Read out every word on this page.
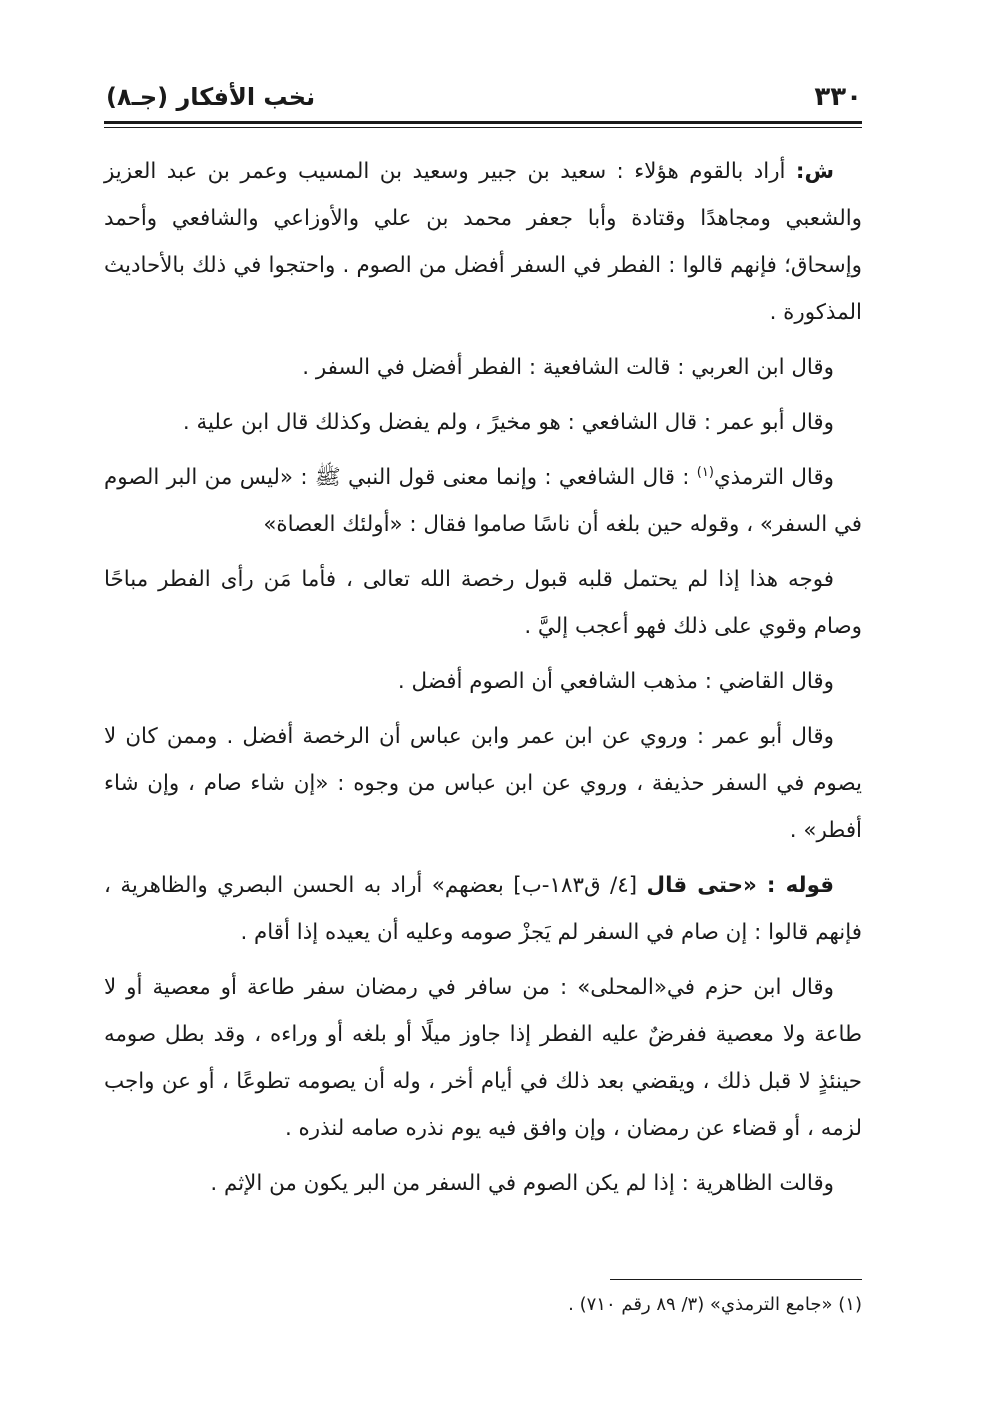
٣٣٠
نخب الأفكار (جـ٨)

ش: أراد بالقوم هؤلاء : سعيد بن جبير وسعيد بن المسيب وعمر بن عبد العزيز والشعبي ومجاهدًا وقتادة وأبا جعفر محمد بن علي والأوزاعي والشافعي وأحمد وإسحاق؛ فإنهم قالوا : الفطر في السفر أفضل من الصوم . واحتجوا في ذلك بالأحاديث المذكورة .

وقال ابن العربي : قالت الشافعية : الفطر أفضل في السفر .

وقال أبو عمر : قال الشافعي : هو مخيرً ، ولم يفضل وكذلك قال ابن علية .

وقال الترمذي$^{(١)}$ : قال الشافعي : وإنما معنى قول النبي ﷺ : «ليس من البر الصوم في السفر» ، وقوله حين بلغه أن ناسًا صاموا فقال : «أولئك العصاة»

فوجه هذا إذا لم يحتمل قلبه قبول رخصة الله تعالى ، فأما مَن رأى الفطر مباحًا وصام وقوي على ذلك فهو أعجب إليَّ .

وقال القاضي : مذهب الشافعي أن الصوم أفضل .

وقال أبو عمر : وروي عن ابن عمر وابن عباس أن الرخصة أفضل . وممن كان لا يصوم في السفر حذيفة ، وروي عن ابن عباس من وجوه : «إن شاء صام ، وإن شاء أفطر» .

قوله : «حتى قال [٤/ ق١٨٣-ب] بعضهم» أراد به الحسن البصري والظاهرية ، فإنهم قالوا : إن صام في السفر لم يَجزْ صومه وعليه أن يعيده إذا أقام .

وقال ابن حزم في«المحلى» : من سافر في رمضان سفر طاعة أو معصية أو لا طاعة ولا معصية ففرضٌ عليه الفطر إذا جاوز ميلًا أو بلغه أو وراءه ، وقد بطل صومه حينئذٍ لا قبل ذلك ، ويقضي بعد ذلك في أيام أخر ، وله أن يصومه تطوعًا ، أو عن واجب لزمه ، أو قضاء عن رمضان ، وإن وافق فيه يوم نذره صامه لنذره .

وقالت الظاهرية : إذا لم يكن الصوم في السفر من البر يكون من الإثم .

(١) «جامع الترمذي» (٣/ ٨٩ رقم ٧١٠) .
